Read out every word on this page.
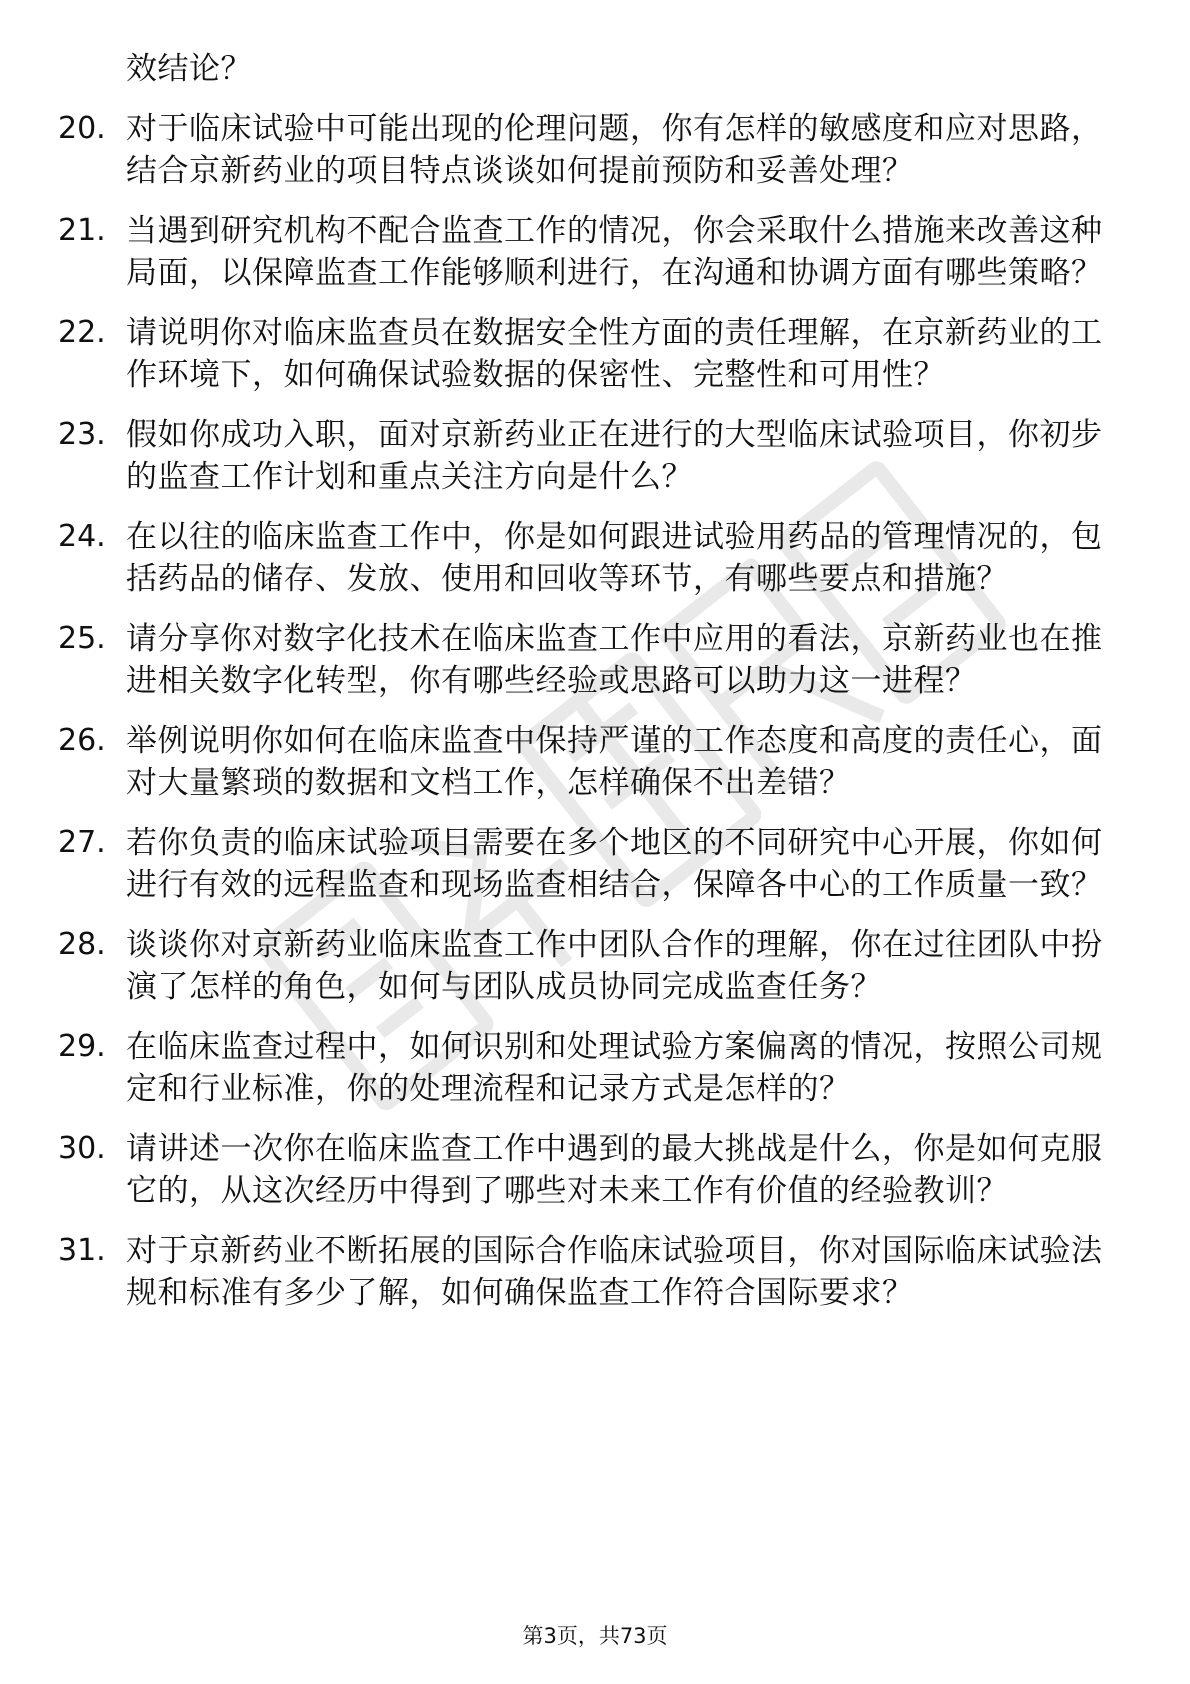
效结论？
20. 对于临床试验中可能出现的伦理问题，你有怎样的敏感度和应对思路，结合京新药业的项目特点谈谈如何提前预防和妥善处理？
21. 当遇到研究机构不配合监查工作的情况，你会采取什么措施来改善这种局面，以保障监查工作能够顺利进行，在沟通和协调方面有哪些策略？
22. 请说明你对临床监查员在数据安全性方面的责任理解，在京新药业的工作环境下，如何确保试验数据的保密性、完整性和可用性？
23. 假如你成功入职，面对京新药业正在进行的大型临床试验项目，你初步的监查工作计划和重点关注方向是什么？
24. 在以往的临床监查工作中，你是如何跟进试验用药品的管理情况的，包括药品的储存、发放、使用和回收等环节，有哪些要点和措施？
25. 请分享你对数字化技术在临床监查工作中应用的看法，京新药业也在推进相关数字化转型，你有哪些经验或思路可以助力这一进程？
26. 举例说明你如何在临床监查中保持严谨的工作态度和高度的责任心，面对大量繁琐的数据和文档工作，怎样确保不出差错？
27. 若你负责的临床试验项目需要在多个地区的不同研究中心开展，你如何进行有效的远程监查和现场监查相结合，保障各中心的工作质量一致？
28. 谈谈你对京新药业临床监查工作中团队合作的理解，你在过往团队中扮演了怎样的角色，如何与团队成员协同完成监查任务？
29. 在临床监查过程中，如何识别和处理试验方案偏离的情况，按照公司规定和行业标准，你的处理流程和记录方式是怎样的？
30. 请讲述一次你在临床监查工作中遇到的最大挑战是什么，你是如何克服它的，从这次经历中得到了哪些对未来工作有价值的经验教训？
31. 对于京新药业不断拓展的国际合作临床试验项目，你对国际临床试验法规和标准有多少了解，如何确保监查工作符合国际要求？
第3页，共73页
